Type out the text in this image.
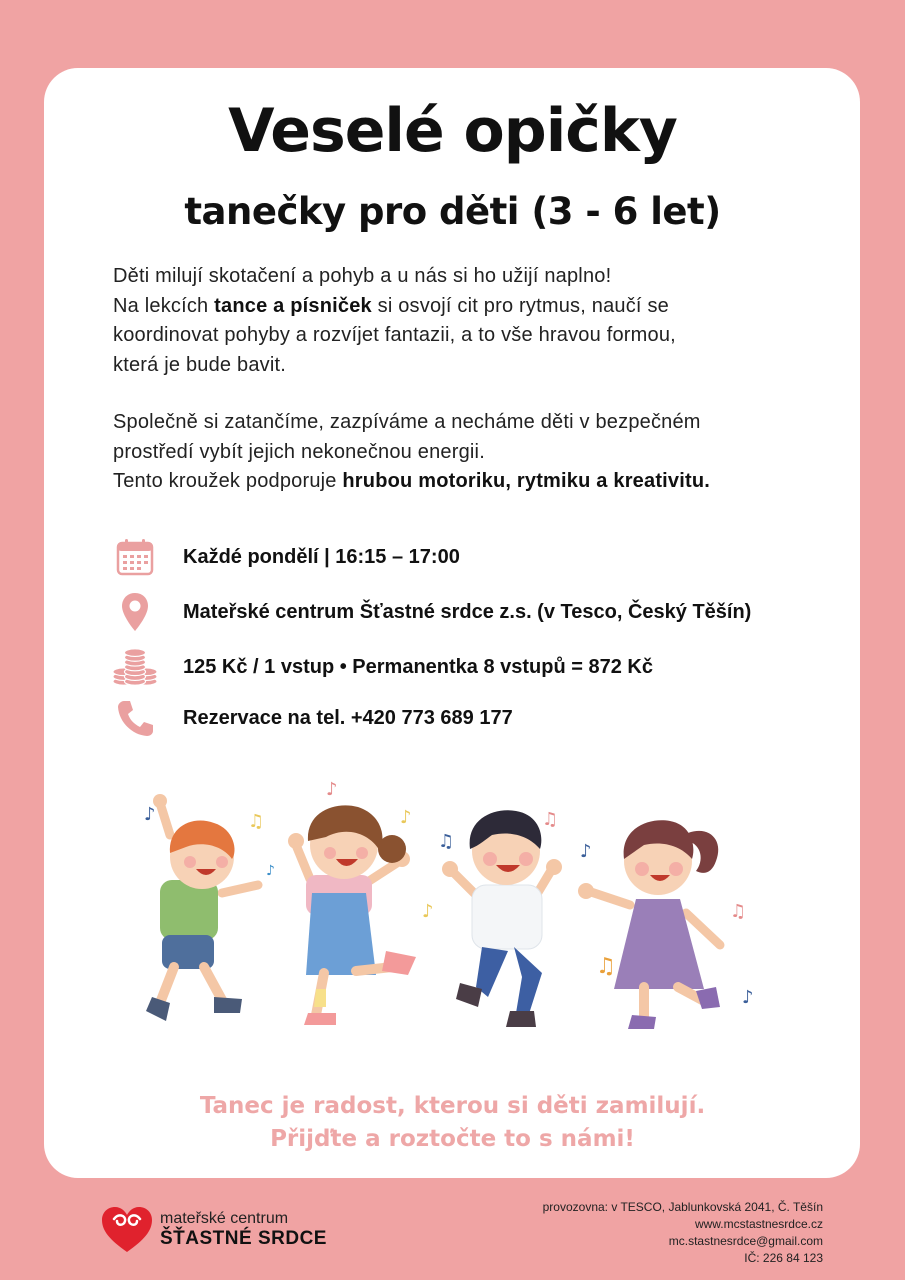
Veselé opičky
tanečky pro děti (3 - 6 let)
Děti milují skotačení a pohyb a u nás si ho užijí naplno!
Na lekcích tance a písniček si osvojí cit pro rytmus, naučí se
koordinovat pohyby a rozvíjet fantazii, a to vše hravou formou,
která je bude bavit.
Společně si zatančíme, zazpíváme a necháme děti v bezpečném
prostředí vybít jejich nekonečnou energii.
Tento kroužek podporuje hrubou motoriku, rytmiku a kreativitu.
Každé pondělí | 16:15 – 17:00
Mateřské centrum Šťastné srdce z.s. (v Tesco, Český Těšín)
125 Kč / 1 vstup • Permanentka 8 vstupů = 872 Kč
Rezervace na tel. +420 773 689 177
♪
♫	♪
♪
♫	♪
♪
♪
♫
♫
♫
♪
Tanec je radost, kterou si děti zamilují.
Přijďte a roztočte to s námi!
mateřské centrum
ŠŤASTNÉ SRDCE
provozovna: v TESCO, Jablunkovská 2041, Č. Těšín
www.mcstastnesrdce.cz
mc.stastnesrdce@gmail.com
IČ: 226 84 123
